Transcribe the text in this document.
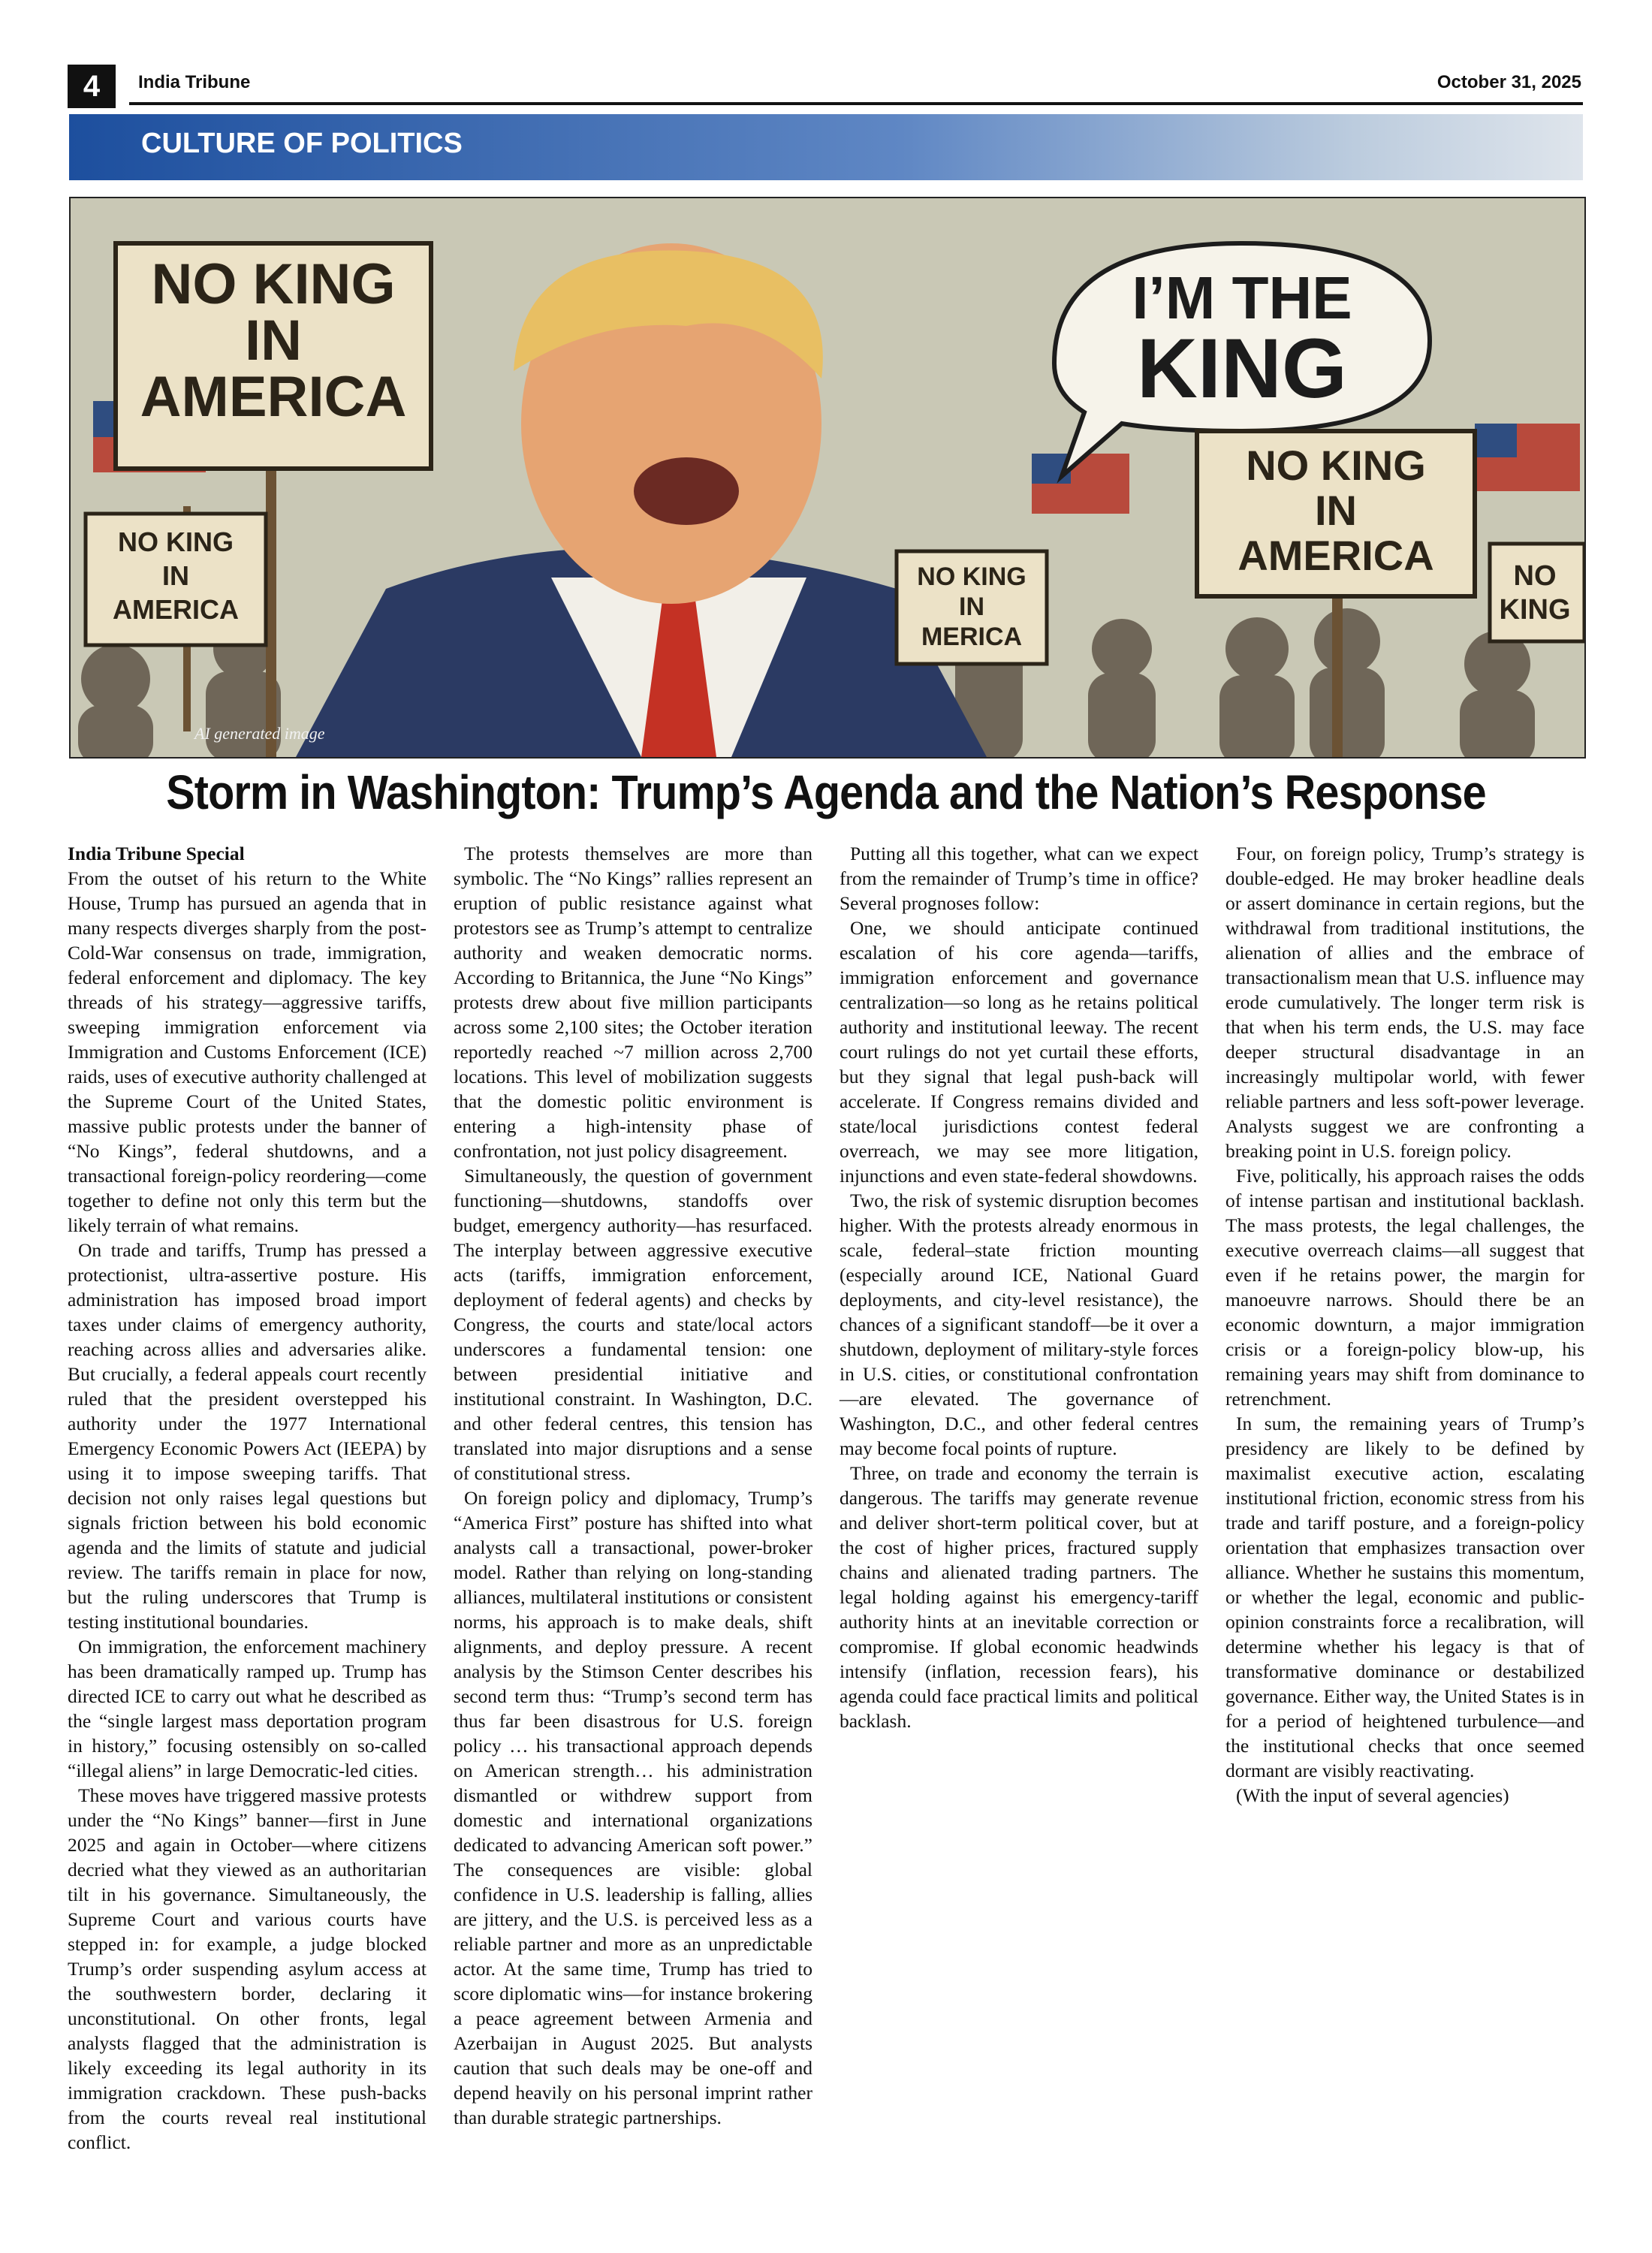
4	India Tribune	October 31, 2025
CULTURE OF POLITICS
NO KING
IN
AMERICA
NO KING
IN
AMERICA
NO KING
IN
MERICA
I’M THE
KING
NO KING
IN
AMERICA	NO
KING
AI generated image
Storm in Washington: Trump’s Agenda and the Nation’s Response
India Tribune Special

From the outset of his return to the White House, Trump has pursued an agenda that in many respects diverges sharply from the post-Cold-War consensus on trade, immigration, federal enforcement and diplomacy. The key threads of his strategy—aggressive tariffs, sweeping immigration enforcement via Immigration and Customs Enforcement (ICE) raids, uses of executive authority challenged at the Supreme Court of the United States, massive public protests under the banner of “No Kings”, federal shutdowns, and a transactional foreign-policy reordering—come together to define not only this term but the likely terrain of what remains.

On trade and tariffs, Trump has pressed a protectionist, ultra-assertive posture. His administration has imposed broad import taxes under claims of emergency authority, reaching across allies and adversaries alike. But crucially, a federal appeals court recently ruled that the president overstepped his authority under the 1977 International Emergency Economic Powers Act (IEEPA) by using it to impose sweeping tariffs. That decision not only raises legal questions but signals friction between his bold economic agenda and the limits of statute and judicial review. The tariffs remain in place for now, but the ruling underscores that Trump is testing institutional boundaries.

On immigration, the enforcement machinery has been dramatically ramped up. Trump has directed ICE to carry out what he described as the “single largest mass deportation program in history,” focusing ostensibly on so-called “illegal aliens” in large Democratic-led cities.

These moves have triggered massive protests under the “No Kings” banner—first in June 2025 and again in October—where citizens decried what they viewed as an authoritarian tilt in his governance. Simultaneously, the Supreme Court and various courts have stepped in: for example, a judge blocked Trump’s order suspending asylum access at the southwestern border, declaring it unconstitutional. On other fronts, legal analysts flagged that the administration is likely exceeding its legal authority in its immigration crackdown. These push-backs from the courts reveal real institutional conflict.

The protests themselves are more than symbolic. The “No Kings” rallies represent an eruption of public resistance against what protestors see as Trump’s attempt to centralize authority and weaken democratic norms. According to Britannica, the June “No Kings” protests drew about five million participants across some 2,100 sites; the October iteration reportedly reached ~7 million across 2,700 locations. This level of mobilization suggests that the domestic politic environment is entering a high-intensity phase of confrontation, not just policy disagreement.

Simultaneously, the question of government functioning—shutdowns, standoffs over budget, emergency authority—has resurfaced. The interplay between aggressive executive acts (tariffs, immigration enforcement, deployment of federal agents) and checks by Congress, the courts and state/local actors underscores a fundamental tension: one between presidential initiative and institutional constraint. In Washington, D.C. and other federal centres, this tension has translated into major disruptions and a sense of constitutional stress.

On foreign policy and diplomacy, Trump’s “America First” posture has shifted into what analysts call a transactional, power-broker model. Rather than relying on long-standing alliances, multilateral institutions or consistent norms, his approach is to make deals, shift alignments, and deploy pressure. A recent analysis by the Stimson Center describes his second term thus: “Trump’s second term has thus far been disastrous for U.S. foreign policy … his transactional approach depends on American strength… his administration dismantled or withdrew support from domestic and international organizations dedicated to advancing American soft power.” The consequences are visible: global confidence in U.S. leadership is falling, allies are jittery, and the U.S. is perceived less as a reliable partner and more as an unpredictable actor. At the same time, Trump has tried to score diplomatic wins—for instance brokering a peace agreement between Armenia and Azerbaijan in August 2025. But analysts caution that such deals may be one-off and depend heavily on his personal imprint rather than durable strategic partnerships.

Putting all this together, what can we expect from the remainder of Trump’s time in office? Several prognoses follow:

One, we should anticipate continued escalation of his core agenda—tariffs, immigration enforcement and governance centralization—so long as he retains political authority and institutional leeway. The recent court rulings do not yet curtail these efforts, but they signal that legal push-back will accelerate. If Congress remains divided and state/local jurisdictions contest federal overreach, we may see more litigation, injunctions and even state-federal showdowns.

Two, the risk of systemic disruption becomes higher. With the protests already enormous in scale, federal–state friction mounting (especially around ICE, National Guard deployments, and city-level resistance), the chances of a significant standoff—be it over a shutdown, deployment of military-style forces in U.S. cities, or constitutional confrontation—are elevated. The governance of Washington, D.C., and other federal centres may become focal points of rupture.

Three, on trade and economy the terrain is dangerous. The tariffs may generate revenue and deliver short-term political cover, but at the cost of higher prices, fractured supply chains and alienated trading partners. The legal holding against his emergency-tariff authority hints at an inevitable correction or compromise. If global economic headwinds intensify (inflation, recession fears), his agenda could face practical limits and political backlash.

Four, on foreign policy, Trump’s strategy is double-edged. He may broker headline deals or assert dominance in certain regions, but the withdrawal from traditional institutions, the alienation of allies and the embrace of transactionalism mean that U.S. influence may erode cumulatively. The longer term risk is that when his term ends, the U.S. may face deeper structural disadvantage in an increasingly multipolar world, with fewer reliable partners and less soft-power leverage. Analysts suggest we are confronting a breaking point in U.S. foreign policy.

Five, politically, his approach raises the odds of intense partisan and institutional backlash. The mass protests, the legal challenges, the executive overreach claims—all suggest that even if he retains power, the margin for manoeuvre narrows. Should there be an economic downturn, a major immigration crisis or a foreign-policy blow-up, his remaining years may shift from dominance to retrenchment.

In sum, the remaining years of Trump’s presidency are likely to be defined by maximalist executive action, escalating institutional friction, economic stress from his trade and tariff posture, and a foreign-policy orientation that emphasizes transaction over alliance. Whether he sustains this momentum, or whether the legal, economic and public-opinion constraints force a recalibration, will determine whether his legacy is that of transformative dominance or destabilized governance. Either way, the United States is in for a period of heightened turbulence—and the institutional checks that once seemed dormant are visibly reactivating.

(With the input of several agencies)
